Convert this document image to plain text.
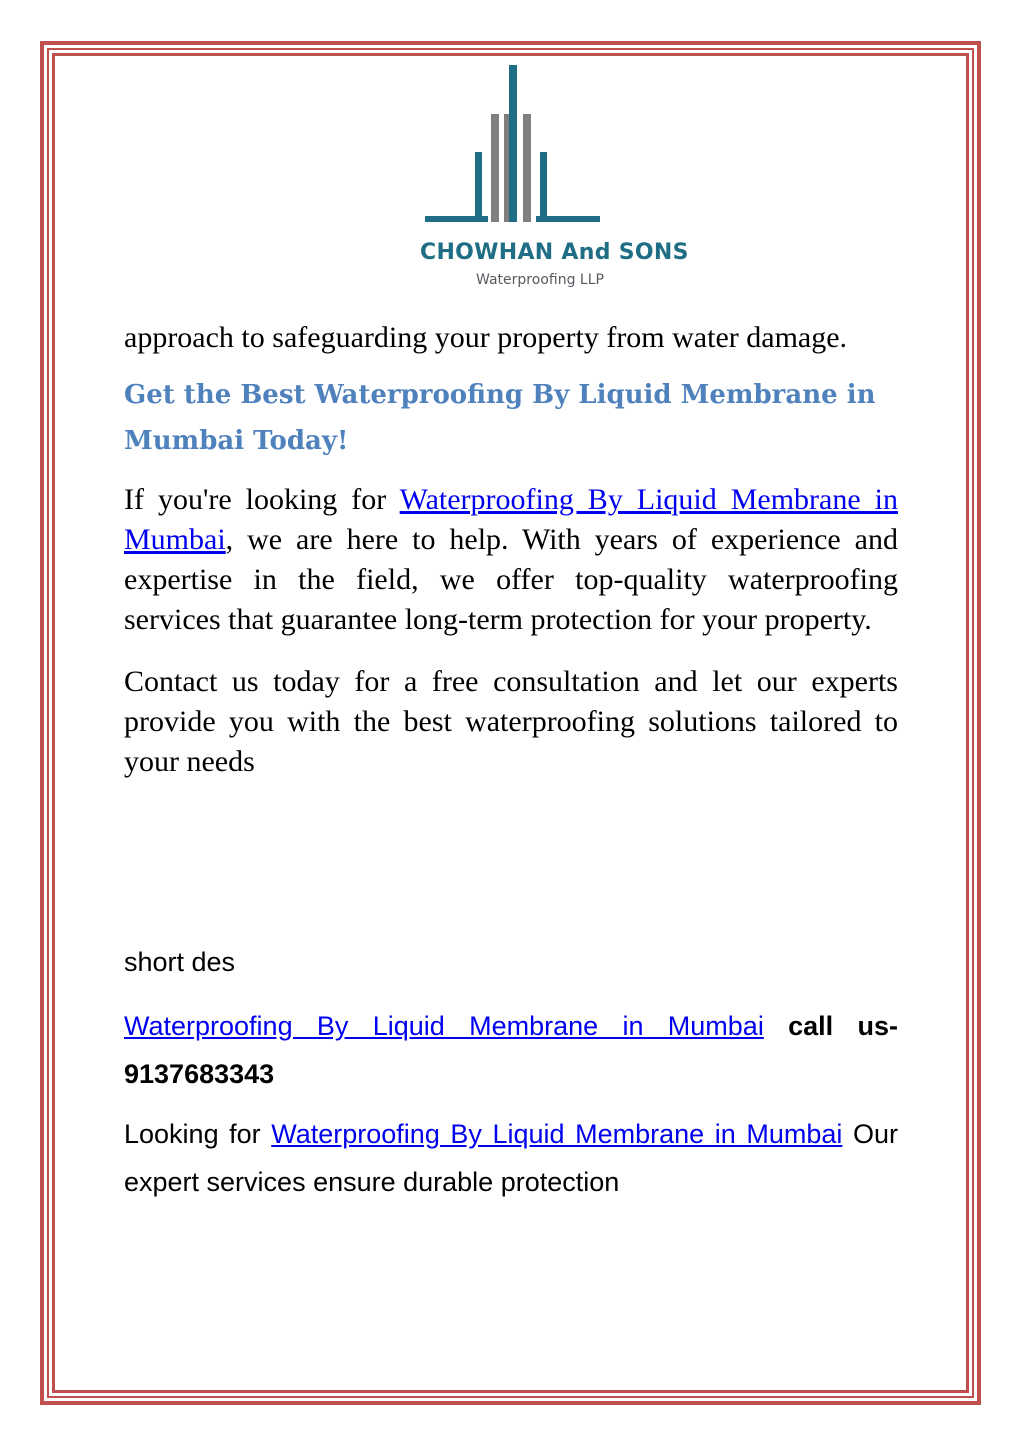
CHOWHAN And SONS
Waterproofing LLP

approach to safeguarding your property from water damage.

Get the Best Waterproofing By Liquid Membrane in Mumbai Today!

If you're looking for Waterproofing By Liquid Membrane in Mumbai, we are here to help. With years of experience and expertise in the field, we offer top-quality waterproofing services that guarantee long-term protection for your property.

Contact us today for a free consultation and let our experts provide you with the best waterproofing solutions tailored to your needs

short des

Waterproofing By Liquid Membrane in Mumbai call us-9137683343

Looking for Waterproofing By Liquid Membrane in Mumbai Our expert services ensure durable protection
